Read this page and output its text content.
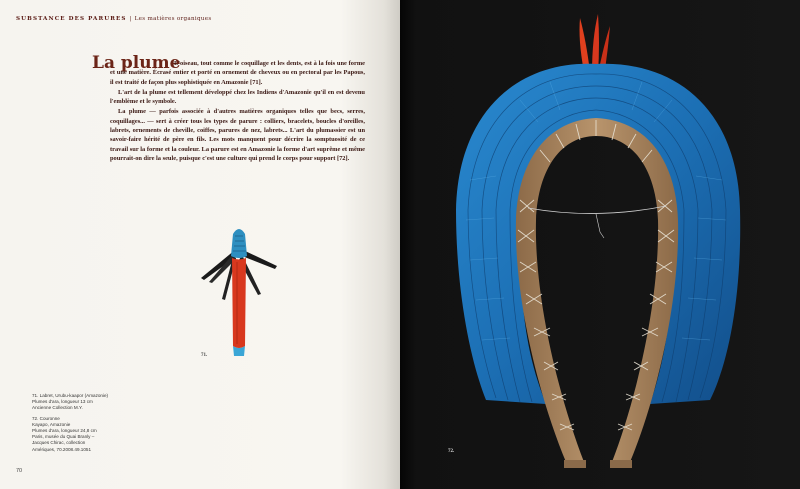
SUBSTANCE DES PARURES | Les matières organiques
La plume

L'oiseau, tout comme le coquillage et les dents, est à la fois une forme et une matière. Écrasé entier et porté en ornement de cheveux ou en pectoral par les Papous, il est traité de façon plus sophistiquée en Amazonie [71].

L'art de la plume est tellement développé chez les Indiens d'Amazonie qu'il en est devenu l'emblème et le symbole.

La plume — parfois associée à d'autres matières organiques telles que becs, serres, coquillages... — sert à créer tous les types de parure : colliers, bracelets, boucles d'oreilles, labrets, ornements de cheville, coiffes, parures de nez, labrets... L'art du plumassier est un savoir-faire hérité de père en fils. Les mots manquent pour décrire la somptuosité de ce travail sur la forme et la couleur. La parure est en Amazonie la forme d'art suprême et même pourrait-on dire la seule, puisque c'est une culture qui prend le corps pour support [72].

71.
71. Labret, Urubu-kaapor (Amazonie)
Plumes d'ara, longueur 13 cm
Ancienne Collection M.Y.
72. Couronne
Kayapo, Amazonie
Plumes d'ara, longueur 24,8 cm
Paris, musée du Quai Branly –
Jacques Chirac, collection
Amériques, 70.2008.49.1051
70
72.
